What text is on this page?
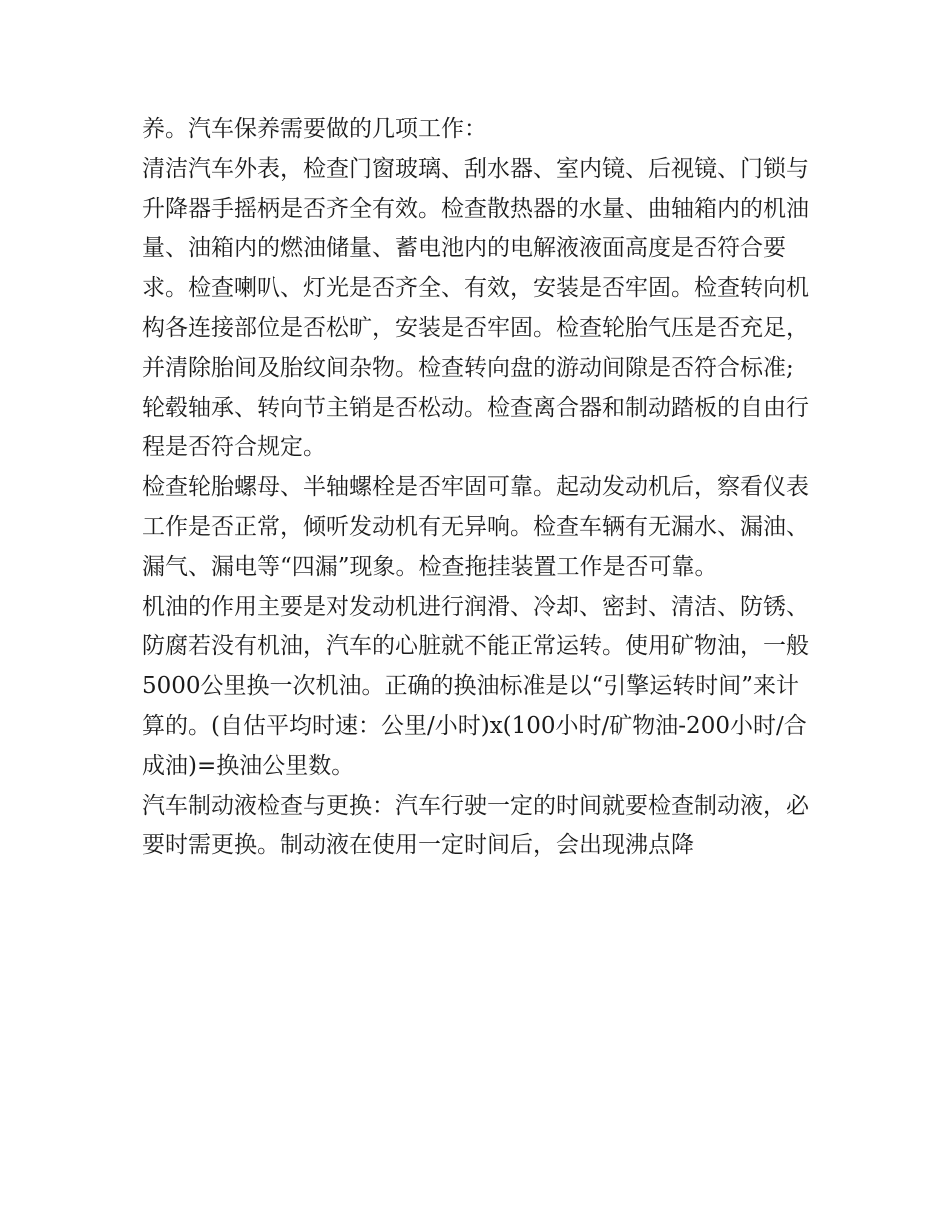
养。汽车保养需要做的几项工作：

清洁汽车外表，检查门窗玻璃、刮水器、室内镜、后视镜、门锁与升降器手摇柄是否齐全有效。检查散热器的水量、曲轴箱内的机油量、油箱内的燃油储量、蓄电池内的电解液液面高度是否符合要求。检查喇叭、灯光是否齐全、有效，安装是否牢固。检查转向机构各连接部位是否松旷，安装是否牢固。检查轮胎气压是否充足，并清除胎间及胎纹间杂物。检查转向盘的游动间隙是否符合标准;轮毂轴承、转向节主销是否松动。检查离合器和制动踏板的自由行程是否符合规定。

检查轮胎螺母、半轴螺栓是否牢固可靠。起动发动机后，察看仪表工作是否正常，倾听发动机有无异响。检查车辆有无漏水、漏油、漏气、漏电等“四漏”现象。检查拖挂装置工作是否可靠。

机油的作用主要是对发动机进行润滑、冷却、密封、清洁、防锈、防腐若没有机油，汽车的心脏就不能正常运转。使用矿物油，一般5000公里换一次机油。正确的换油标准是以“引擎运转时间”来计算的。(自估平均时速：公里/小时)x(100小时/矿物油-200小时/合成油)=换油公里数。

汽车制动液检查与更换：汽车行驶一定的时间就要检查制动液，必要时需更换。制动液在使用一定时间后，会出现沸点降
